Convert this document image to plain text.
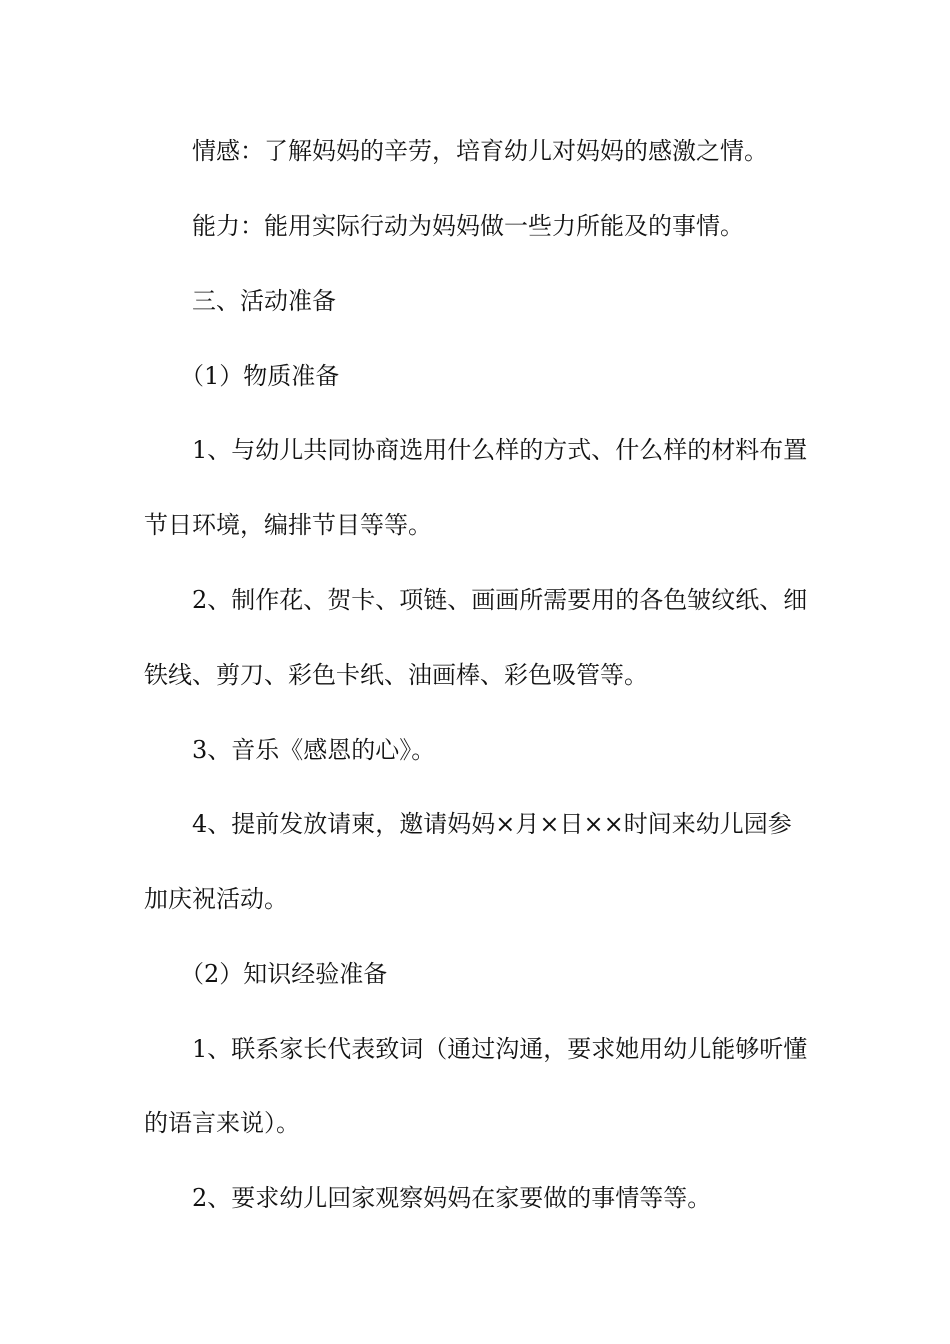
情感：了解妈妈的辛劳，培育幼儿对妈妈的感激之情。
能力：能用实际行动为妈妈做一些力所能及的事情。
三、活动准备
（1）物质准备
1、与幼儿共同协商选用什么样的方式、什么样的材料布置
节日环境，编排节目等等。
2、制作花、贺卡、项链、画画所需要用的各色皱纹纸、细
铁线、剪刀、彩色卡纸、油画棒、彩色吸管等。
3、音乐《感恩的心》。
4、提前发放请柬，邀请妈妈×月×日××时间来幼儿园参
加庆祝活动。
（2）知识经验准备
1、联系家长代表致词（通过沟通，要求她用幼儿能够听懂
的语言来说）。
2、要求幼儿回家观察妈妈在家要做的事情等等。
